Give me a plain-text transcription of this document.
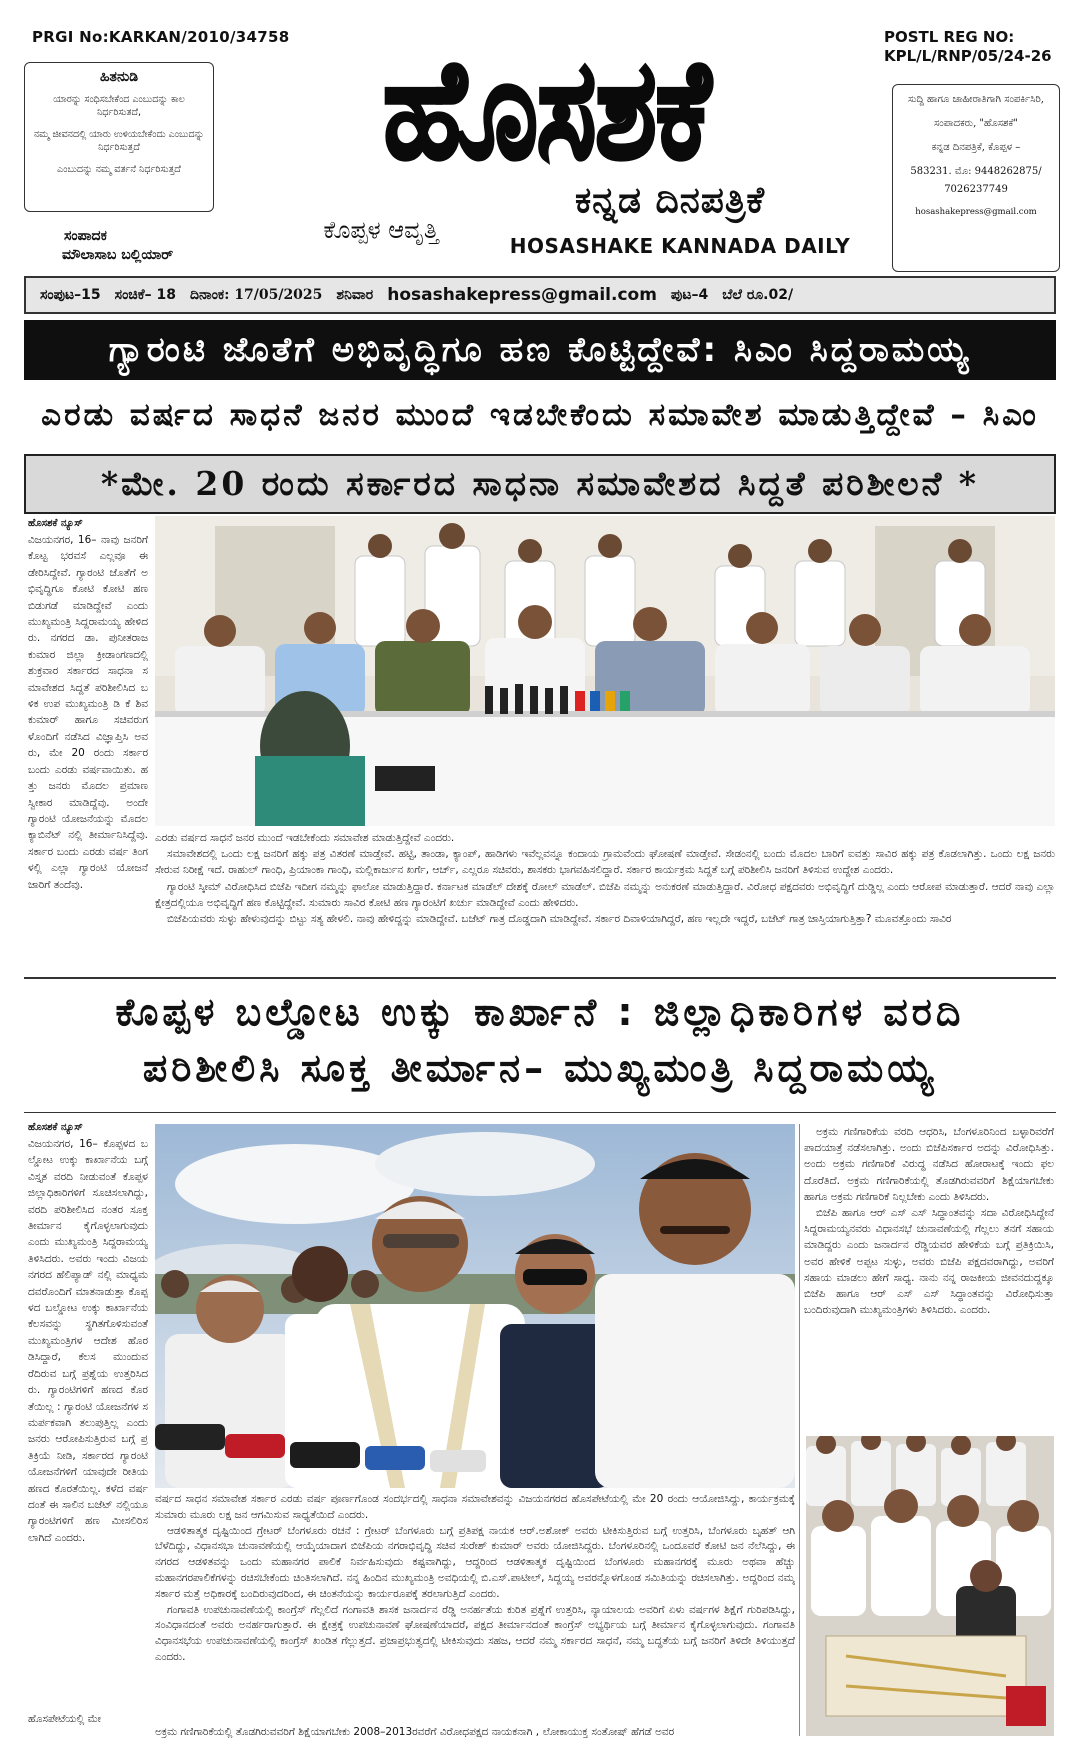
PRGI No:KARKAN/2010/34758	POSTL REG NO:
KPL/L/RNP/05/24-26
ಹಿತನುಡಿ
ಯಾರನ್ನು ಸಂಧಿಸಬೇಕೆಂದ ಎಂಬುದನ್ನು ಕಾಲ ನಿರ್ಧರಿಸುತದೆ,
ನಮ್ಮ ಜೀವನದಲ್ಲಿ ಯಾರು ಉಳಿಯಬೇಕೆಂದು ಎಂಬುದನ್ನು ನಿರ್ಧರಿಸುತ್ತದೆ
ಎಂಬುದನ್ನು ನಮ್ಮ ವರ್ತನೆ ನಿರ್ಧರಿಸುತ್ತದೆ	ಹೊಸಶಕೆ
ಕನ್ನಡ ದಿನಪತ್ರಿಕೆ
ಕೊಪ್ಪಳ ಆವೃತ್ತಿ
HOSASHAKE KANNADA DAILY
ಸಂಪಾದಕ
ಮೌಲಾಸಾಬ ಬಲ್ಲಿಯಾರ್
ಸುದ್ದಿ ಹಾಗೂ ಜಾಹೀರಾತಿಗಾಗಿ ಸಂಪರ್ಕಿಸಿರಿ,
ಸಂಪಾದಕರು, "ಹೊಸಶಕೆ"
ಕನ್ನಡ ದಿನಪತ್ರಿಕೆ, ಕೊಪ್ಪಳ –
583231. ಮೊ: 9448262875/
7026237749
hosashakepress@gmail.com
ಸಂಪುಟ–15 ಸಂಚಿಕೆ– 18 ದಿನಾಂಕ: 17/05/2025 ಶನಿವಾರ hosashakepress@gmail.com ಪುಟ–4 ಬೆಲೆ ರೂ.02/
ಗ್ಯಾರಂಟಿ ಜೊತೆಗೆ ಅಭಿವೃದ್ಧಿಗೂ ಹಣ ಕೊಟ್ಟಿದ್ದೇವೆ: ಸಿಎಂ ಸಿದ್ದರಾಮಯ್ಯ
ಎರಡು ವರ್ಷದ ಸಾಧನೆ ಜನರ ಮುಂದೆ ಇಡಬೇಕೆಂದು ಸಮಾವೇಶ ಮಾಡುತ್ತಿದ್ದೇವೆ – ಸಿಎಂ
*ಮೇ. 20 ರಂದು ಸರ್ಕಾರದ ಸಾಧನಾ ಸಮಾವೇಶದ ಸಿದ್ದತೆ ಪರಿಶೀಲನೆ *
ಹೊಸಶಕೆ ನ್ಯೂಸ್
ವಿಜಯನಗರ, 16– ನಾವು ಜನರಿಗೆ ಕೊಟ್ಟ ಭರವಸೆ ಎಲ್ಲವೂ ಈಡೇರಿಸಿದ್ದೇವೆ. ಗ್ಯಾರಂಟಿ ಜೊತೆಗೆ ಅಭಿವೃದ್ಧಿಗೂ ಕೋಟಿ ಕೋಟಿ ಹಣ ಬಿಡುಗಡೆ ಮಾಡಿದ್ದೇವೆ ಎಂದು ಮುಖ್ಯಮಂತ್ರಿ ಸಿದ್ದರಾಮಯ್ಯ ಹೇಳಿದರು. ನಗರದ ಡಾ. ಪುನೀತರಾಜಕುಮಾರ ಜಿಲ್ಲಾ ಕ್ರೀಡಾಂಗಣದಲ್ಲಿ ಶುಕ್ರವಾರ ಸರ್ಕಾರದ ಸಾಧನಾ ಸಮಾವೇಶದ ಸಿದ್ದತೆ ಪರಿಶೀಲಿಸಿದ ಬಳಿಕ ಉಪ ಮುಖ್ಯಮಂತ್ರಿ ಡಿ ಕೆ ಶಿವಕುಮಾರ್ ಹಾಗೂ ಸಚಿವರುಗಳೊಂದಿಗೆ ನಡೆಸಿದ ವಿಜ್ಞಾಪ್ತಿಸಿ ಅವರು, ಮೇ 20 ರಂದು ಸರ್ಕಾರ ಬಂದು ಎರಡು ವರ್ಷವಾಯಿತು. ಹತ್ತು ಜನರು ಮೊದಲ ಪ್ರಮಾಣ ಸ್ವೀಕಾರ ಮಾಡಿದ್ದೆವು. ಅಂದೇ ಗ್ಯಾರಂಟಿ ಯೋಜನೆಯನ್ನು ಮೊದಲ ಕ್ಯಾಬಿನೆಟ್ ನಲ್ಲಿ ತೀರ್ಮಾನಿಸಿದ್ದೆವು. ಸರ್ಕಾರ ಬಂದು ಎರಡು ವರ್ಷ ತಿಂಗಳಲ್ಲಿ ಎಲ್ಲಾ ಗ್ಯಾರಂಟಿ ಯೋಜನೆ ಜಾರಿಗೆ ತಂದೆವು.

ಎರಡು ವರ್ಷದ ಸಾಧನೆ ಜನರ ಮುಂದೆ ಇಡಬೇಕೆಂದು ಸಮಾವೇಶ ಮಾಡುತ್ತಿದ್ದೇವೆ ಎಂದರು.

ಸಮಾವೇಶದಲ್ಲಿ ಒಂದು ಲಕ್ಷ ಜನರಿಗೆ ಹಕ್ಕು ಪತ್ರ ವಿತರಣೆ ಮಾಡ್ತೇವೆ. ಹಟ್ಟಿ, ತಾಂಡಾ, ಕ್ಯಾಂಪ್, ಹಾಡಿಗಳು ಇವೆಲ್ಲವನ್ನೂ ಕಂದಾಯ ಗ್ರಾಮವೆಂದು ಘೋಷಣೆ ಮಾಡ್ತೇವೆ. ಸೇಡಂನಲ್ಲಿ ಬಂದು ಮೊದಲ ಬಾರಿಗೆ ಐವತ್ತು ಸಾವಿರ ಹಕ್ಕು ಪತ್ರ ಕೊಡಲಾಗಿತ್ತು. ಒಂದು ಲಕ್ಷ ಜನರು ಸೇರುವ ನಿರೀಕ್ಷೆ ಇದೆ. ರಾಹುಲ್ ಗಾಂಧಿ, ಪ್ರಿಯಾಂಕಾ ಗಾಂಧಿ, ಮಲ್ಲಿಕಾರ್ಜುನ ಖರ್ಗೆ, ಆರ್ಚ್, ಎಲ್ಲರೂ ಸಚಿವರು, ಶಾಸಕರು ಭಾಗವಹಿಸಲಿದ್ದಾರೆ. ಸರ್ಕಾರ ಕಾರ್ಯಕ್ರಮ ಸಿದ್ದತೆ ಬಗ್ಗೆ ಪರಿಶೀಲಿಸಿ ಜನರಿಗೆ ತಿಳಿಸುವ ಉದ್ದೇಶ ಎಂದರು.

ಗ್ಯಾರಂಟಿ ಸ್ಕೀಮ್ ವಿರೋಧಿಸಿದ ಬಿಜೆಪಿ ಇದೀಗ ನಮ್ಮನ್ನು ಫಾಲೋ ಮಾಡುತ್ತಿದ್ದಾರೆ. ಕರ್ನಾಟಕ ಮಾಡೆಲ್ ದೇಶಕ್ಕೆ ರೋಲ್ ಮಾಡೆಲ್. ಬಿಜೆಪಿ ನಮ್ಮನ್ನು ಅನುಕರಣೆ ಮಾಡುತ್ತಿದ್ದಾರೆ. ವಿರೋಧ ಪಕ್ಷದವರು ಅಭಿವೃದ್ಧಿಗೆ ದುಡ್ಡಿಲ್ಲ ಎಂದು ಆರೋಪ ಮಾಡುತ್ತಾರೆ. ಆದರೆ ನಾವು ಎಲ್ಲಾ ಕ್ಷೇತ್ರದಲ್ಲಿಯೂ ಅಭಿವೃದ್ಧಿಗೆ ಹಣ ಕೊಟ್ಟಿದ್ದೇವೆ. ಸುಮಾರು ಸಾವಿರ ಕೋಟಿ ಹಣ ಗ್ಯಾರಂಟಿಗೆ ಖರ್ಚು ಮಾಡಿದ್ದೇವೆ ಎಂದು ಹೇಳಿದರು.

ಬಿಜೆಪಿಯವರು ಸುಳ್ಳು ಹೇಳುವುದನ್ನು ಬಿಟ್ಟು ಸತ್ಯ ಹೇಳಲಿ. ನಾವು ಹೇಳಿದ್ದನ್ನು ಮಾಡಿದ್ದೇವೆ. ಬಜೆಟ್ ಗಾತ್ರ ದೊಡ್ಡದಾಗಿ ಮಾಡಿದ್ದೇವೆ. ಸರ್ಕಾರ ದಿವಾಳಿಯಾಗಿದ್ದರೆ, ಹಣ ಇಲ್ಲದೇ ಇದ್ದರೆ, ಬಜೆಟ್ ಗಾತ್ರ ಜಾಸ್ತಿಯಾಗುತ್ತಿತ್ತಾ? ಮೂವತ್ತೊಂದು ಸಾವಿರ

ಕೊಪ್ಪಳ ಬಲ್ಡೋಟ ಉಕ್ಕು ಕಾರ್ಖಾನೆ : ಜಿಲ್ಲಾಧಿಕಾರಿಗಳ ವರದಿ
ಪರಿಶೀಲಿಸಿ ಸೂಕ್ತ ತೀರ್ಮಾನ– ಮುಖ್ಯಮಂತ್ರಿ ಸಿದ್ದರಾಮಯ್ಯ
ಹೊಸಶಕೆ ನ್ಯೂಸ್
ವಿಜಯನಗರ, 16– ಕೊಪ್ಪಳದ ಬಲ್ಡೋಟ ಉಕ್ಕು ಕಾರ್ಖಾನೆಯ ಬಗ್ಗೆ ವಿಸ್ತೃತ ವರದಿ ನೀಡುವಂತೆ ಕೊಪ್ಪಳ ಜಿಲ್ಲಾಧಿಕಾರಿಗಳಿಗೆ ಸೂಚಿಸಲಾಗಿದ್ದು, ವರದಿ ಪರಿಶೀಲಿಸಿದ ನಂತರ ಸೂಕ್ತ ತೀರ್ಮಾನ ಕೈಗೊಳ್ಳಲಾಗುವುದು ಎಂದು ಮುಖ್ಯಮಂತ್ರಿ ಸಿದ್ದರಾಮಯ್ಯ ತಿಳಿಸಿದರು. ಅವರು ಇಂದು ವಿಜಯನಗರದ ಹೆಲಿಪ್ಯಾಡ್ ನಲ್ಲಿ ಮಾಧ್ಯಮದವರೊಂದಿಗೆ ಮಾತನಾಡುತ್ತಾ ಕೊಪ್ಪಳದ ಬಲ್ಡೋಟ ಉಕ್ಕು ಕಾರ್ಖಾನೆಯ ಕೆಲಸವನ್ನು ಸ್ಥಗಿತಗೊಳಿಸುವಂತೆ ಮುಖ್ಯಮಂತ್ರಿಗಳ ಆದೇಶ ಹೊರಡಿಸಿದ್ದಾರೆ, ಕೆಲಸ ಮುಂದುವರೆದಿರುವ ಬಗ್ಗೆ ಪ್ರಶ್ನೆಯ ಉತ್ತರಿಸಿದರು. ಗ್ಯಾರಂಟಿಗಳಿಗೆ ಹಣದ ಕೊರತೆಯಿಲ್ಲ : ಗ್ಯಾರಂಟಿ ಯೋಜನೆಗಳ ಸಮರ್ಪಕವಾಗಿ ತಲುಪುತ್ತಿಲ್ಲ ಎಂದು ಜನರು ಆರೋಪಿಸುತ್ತಿರುವ ಬಗ್ಗೆ ಪ್ರತಿಕ್ರಿಯೆ ನೀಡಿ, ಸರ್ಕಾರದ ಗ್ಯಾರಂಟಿ ಯೋಜನೆಗಳಿಗೆ ಯಾವುದೇ ರೀತಿಯ ಹಣದ ಕೊರತೆಯಿಲ್ಲ. ಕಳೆದ ವರ್ಷದಂತೆ ಈ ಸಾಲಿನ ಬಜೆಟ್ ನಲ್ಲಿಯೂ ಗ್ಯಾರಂಟಿಗಳಿಗೆ ಹಣ ಮೀಸಲಿರಿಸಲಾಗಿದೆ ಎಂದರು.
ಹೊಸಪೇಟೆಯಲ್ಲಿ ಮೇ

ವರ್ಷದ ಸಾಧನ ಸಮಾವೇಶ ಸರ್ಕಾರ ಎರಡು ವರ್ಷ ಪೂರ್ಣಗೊಂಡ ಸಂದರ್ಭದಲ್ಲಿ ಸಾಧನಾ ಸಮಾವೇಶವನ್ನು ವಿಜಯನಗರದ ಹೊಸಪೇಟೆಯಲ್ಲಿ ಮೇ 20 ರಂದು ಆಯೋಜಿಸಿದ್ದು, ಕಾರ್ಯಕ್ರಮಕ್ಕೆ ಸುಮಾರು ಮೂರು ಲಕ್ಷ ಜನ ಆಗಮಿಸುವ ಸಾಧ್ಯತೆಯಿದೆ ಎಂದರು.

ಆಡಳಿತಾತ್ಮಕ ದೃಷ್ಟಿಯಿಂದ ಗ್ರೇಟರ್ ಬೆಂಗಳೂರು ರಚನೆ : ಗ್ರೇಟರ್ ಬೆಂಗಳೂರು ಬಗ್ಗೆ ಪ್ರತಿಪಕ್ಷ ನಾಯಕ ಆರ್.ಅಶೋಕ್ ಅವರು ಟೀಕಿಸುತ್ತಿರುವ ಬಗ್ಗೆ ಉತ್ತರಿಸಿ, ಬೆಂಗಳೂರು ಬೃಹತ್ ಆಗಿ ಬೆಳೆದಿದ್ದು, ವಿಧಾನಸಭಾ ಚುನಾವಣೆಯಲ್ಲಿ ಆಯ್ಕೆಯಾದಾಗ ಬಿಜೆಪಿಯ ನಗರಾಭಿವೃದ್ಧಿ ಸಚಿವ ಸುರೇಶ್ ಕುಮಾರ್ ಅವರು ಯೋಜಿಸಿದ್ದರು. ಬೆಂಗಳೂರಿನಲ್ಲಿ ಒಂದೂವರೆ ಕೋಟಿ ಜನ ನೆಲೆಸಿದ್ದು, ಈ ನಗರದ ಆಡಳಿತವನ್ನು ಒಂದು ಮಹಾನಗರ ಪಾಲಿಕೆ ನಿರ್ವಹಿಸುವುದು ಕಷ್ಟವಾಗಿದ್ದು, ಆದ್ದರಿಂದ ಆಡಳಿತಾತ್ಮಕ ದೃಷ್ಟಿಯಿಂದ ಬೆಂಗಳೂರು ಮಹಾನಗರಕ್ಕೆ ಮೂರು ಅಥವಾ ಹೆಚ್ಚು ಮಹಾನಗರಪಾಲಿಕೆಗಳನ್ನು ರಚಿಸಬೇಕೆಂದು ಚಿಂತಿಸಲಾಗಿದೆ. ನನ್ನ ಹಿಂದಿನ ಮುಖ್ಯಮಂತ್ರಿ ಅವಧಿಯಲ್ಲಿ ಬಿ.ಎಸ್.ಪಾಟೀಲ್, ಸಿದ್ದಯ್ಯ ಅವರನ್ನೊಳಗೊಂಡ ಸಮಿತಿಯನ್ನು ರಚಿಸಲಾಗಿತ್ತು. ಅದ್ದರಿಂದ ನಮ್ಮ ಸರ್ಕಾರ ಮತ್ತೆ ಅಧಿಕಾರಕ್ಕೆ ಬಂದಿರುವುದರಿಂದ, ಈ ಚಿಂತನೆಯನ್ನು ಕಾರ್ಯರೂಪಕ್ಕೆ ತರಲಾಗುತ್ತಿದೆ ಎಂದರು.

ಗಂಗಾವತಿ ಉಪಚುನಾವಣೆಯಲ್ಲಿ ಕಾಂಗ್ರೆಸ್ ಗೆಲ್ಲಲಿದೆ ಗಂಗಾವತಿ ಶಾಸಕ ಜನಾರ್ದನ ರೆಡ್ಡಿ ಅನರ್ಹತೆಯ ಕುರಿತ ಪ್ರಶ್ನೆಗೆ ಉತ್ತರಿಸಿ, ನ್ಯಾಯಾಲಯ ಅವರಿಗೆ ಏಳು ವರ್ಷಗಳ ಶಿಕ್ಷೆಗೆ ಗುರಿಪಡಿಸಿದ್ದು, ಸಂವಿಧಾನದಂತೆ ಅವರು ಅನರ್ಹರಾಗುತ್ತಾರೆ. ಈ ಕ್ಷೇತ್ರಕ್ಕೆ ಉಪಚುನಾವಣೆ ಘೋಷಣೆಯಾದರೆ, ಪಕ್ಷದ ತೀರ್ಮಾನದಂತೆ ಕಾಂಗ್ರೆಸ್ ಅಭ್ಯರ್ಥಿಯ ಬಗ್ಗೆ ತೀರ್ಮಾನ ಕೈಗೊಳ್ಳಲಾಗುವುದು. ಗಂಗಾವತಿ ವಿಧಾನಸಭೆಯ ಉಪಚುನಾವಣೆಯಲ್ಲಿ ಕಾಂಗ್ರೆಸ್ ಖಂಡಿತ ಗೆಲ್ಲುತ್ತದೆ. ಪ್ರಜಾಪ್ರಭುತ್ವದಲ್ಲಿ ಟೀಕಿಸುವುದು ಸಹಜ, ಆದರೆ ನಮ್ಮ ಸರ್ಕಾರದ ಸಾಧನೆ, ನಮ್ಮ ಬದ್ಧತೆಯ ಬಗ್ಗೆ ಜನರಿಗೆ ತಿಳಿದೇ ತಿಳಿಯುತ್ತದೆ ಎಂದರು.

ಅಕ್ರಮ ಗಣಿಗಾರಿಕೆಯಲ್ಲಿ ತೊಡಗಿರುವವರಿಗೆ ಶಿಕ್ಷೆಯಾಗಬೇಕು 2008–2013ರವರೆಗೆ ವಿರೋಧಪಕ್ಷದ ನಾಯಕನಾಗಿ , ಲೋಕಾಯುಕ್ತ ಸಂತೋಷ್ ಹೆಗಡೆ ಅವರ

ಅಕ್ರಮ ಗಣಿಗಾರಿಕೆಯ ವರದಿ ಆಧರಿಸಿ, ಬೆಂಗಳೂರಿನಿಂದ ಬಳ್ಳಾರಿವರೆಗೆ ಪಾದಯಾತ್ರೆ ನಡೆಸಲಾಗಿತ್ತು. ಅಂದು ಬಿಜೆಪಿಸರ್ಕಾರ ಅದನ್ನು ವಿರೋಧಿಸಿತ್ತು. ಅಂದು ಅಕ್ರಮ ಗಣಿಗಾರಿಕೆ ವಿರುದ್ಧ ನಡೆಸಿದ ಹೋರಾಟಕ್ಕೆ ಇಂದು ಫಲ ದೊರೆತಿದೆ. ಅಕ್ರಮ ಗಣಿಗಾರಿಕೆಯಲ್ಲಿ ತೊಡಗಿರುವವರಿಗೆ ಶಿಕ್ಷೆಯಾಗಬೇಕು ಹಾಗೂ ಅಕ್ರಮ ಗಣಿಗಾರಿಕೆ ನಿಲ್ಲಬೇಕು ಎಂದು ತಿಳಿಸಿದರು.

ಬಿಜೆಪಿ ಹಾಗೂ ಆರ್ ಎಸ್ ಎಸ್ ಸಿದ್ಧಾಂತವನ್ನು ಸದಾ ವಿರೋಧಿಸಿದ್ದೇನೆ ಸಿದ್ದರಾಮಯ್ಯನವರು ವಿಧಾನಸಭೆ ಚುನಾವಣೆಯಲ್ಲಿ ಗೆಲ್ಲಲು ತನಗೆ ಸಹಾಯ ಮಾಡಿದ್ದರು ಎಂದು ಜನಾರ್ದನ ರೆಡ್ಡಿಯವರ ಹೇಳಿಕೆಯ ಬಗ್ಗೆ ಪ್ರತಿಕ್ರಿಯಿಸಿ, ಅವರ ಹೇಳಿಕೆ ಅಪ್ಪಟ ಸುಳ್ಳು, ಅವರು ಬಿಜೆಪಿ ಪಕ್ಷದವರಾಗಿದ್ದು, ಅವರಿಗೆ ಸಹಾಯ ಮಾಡಲು ಹೇಗೆ ಸಾಧ್ಯ. ನಾನು ನನ್ನ ರಾಜಕೀಯ ಜೀವನದುದ್ದಕ್ಕೂ ಬಿಜೆಪಿ ಹಾಗೂ ಆರ್ ಎಸ್ ಎಸ್ ಸಿದ್ಧಾಂತವನ್ನು ವಿರೋಧಿಸುತ್ತಾ ಬಂದಿರುವುದಾಗಿ ಮುಖ್ಯಮಂತ್ರಿಗಳು ತಿಳಿಸಿದರು. ಎಂದರು.
